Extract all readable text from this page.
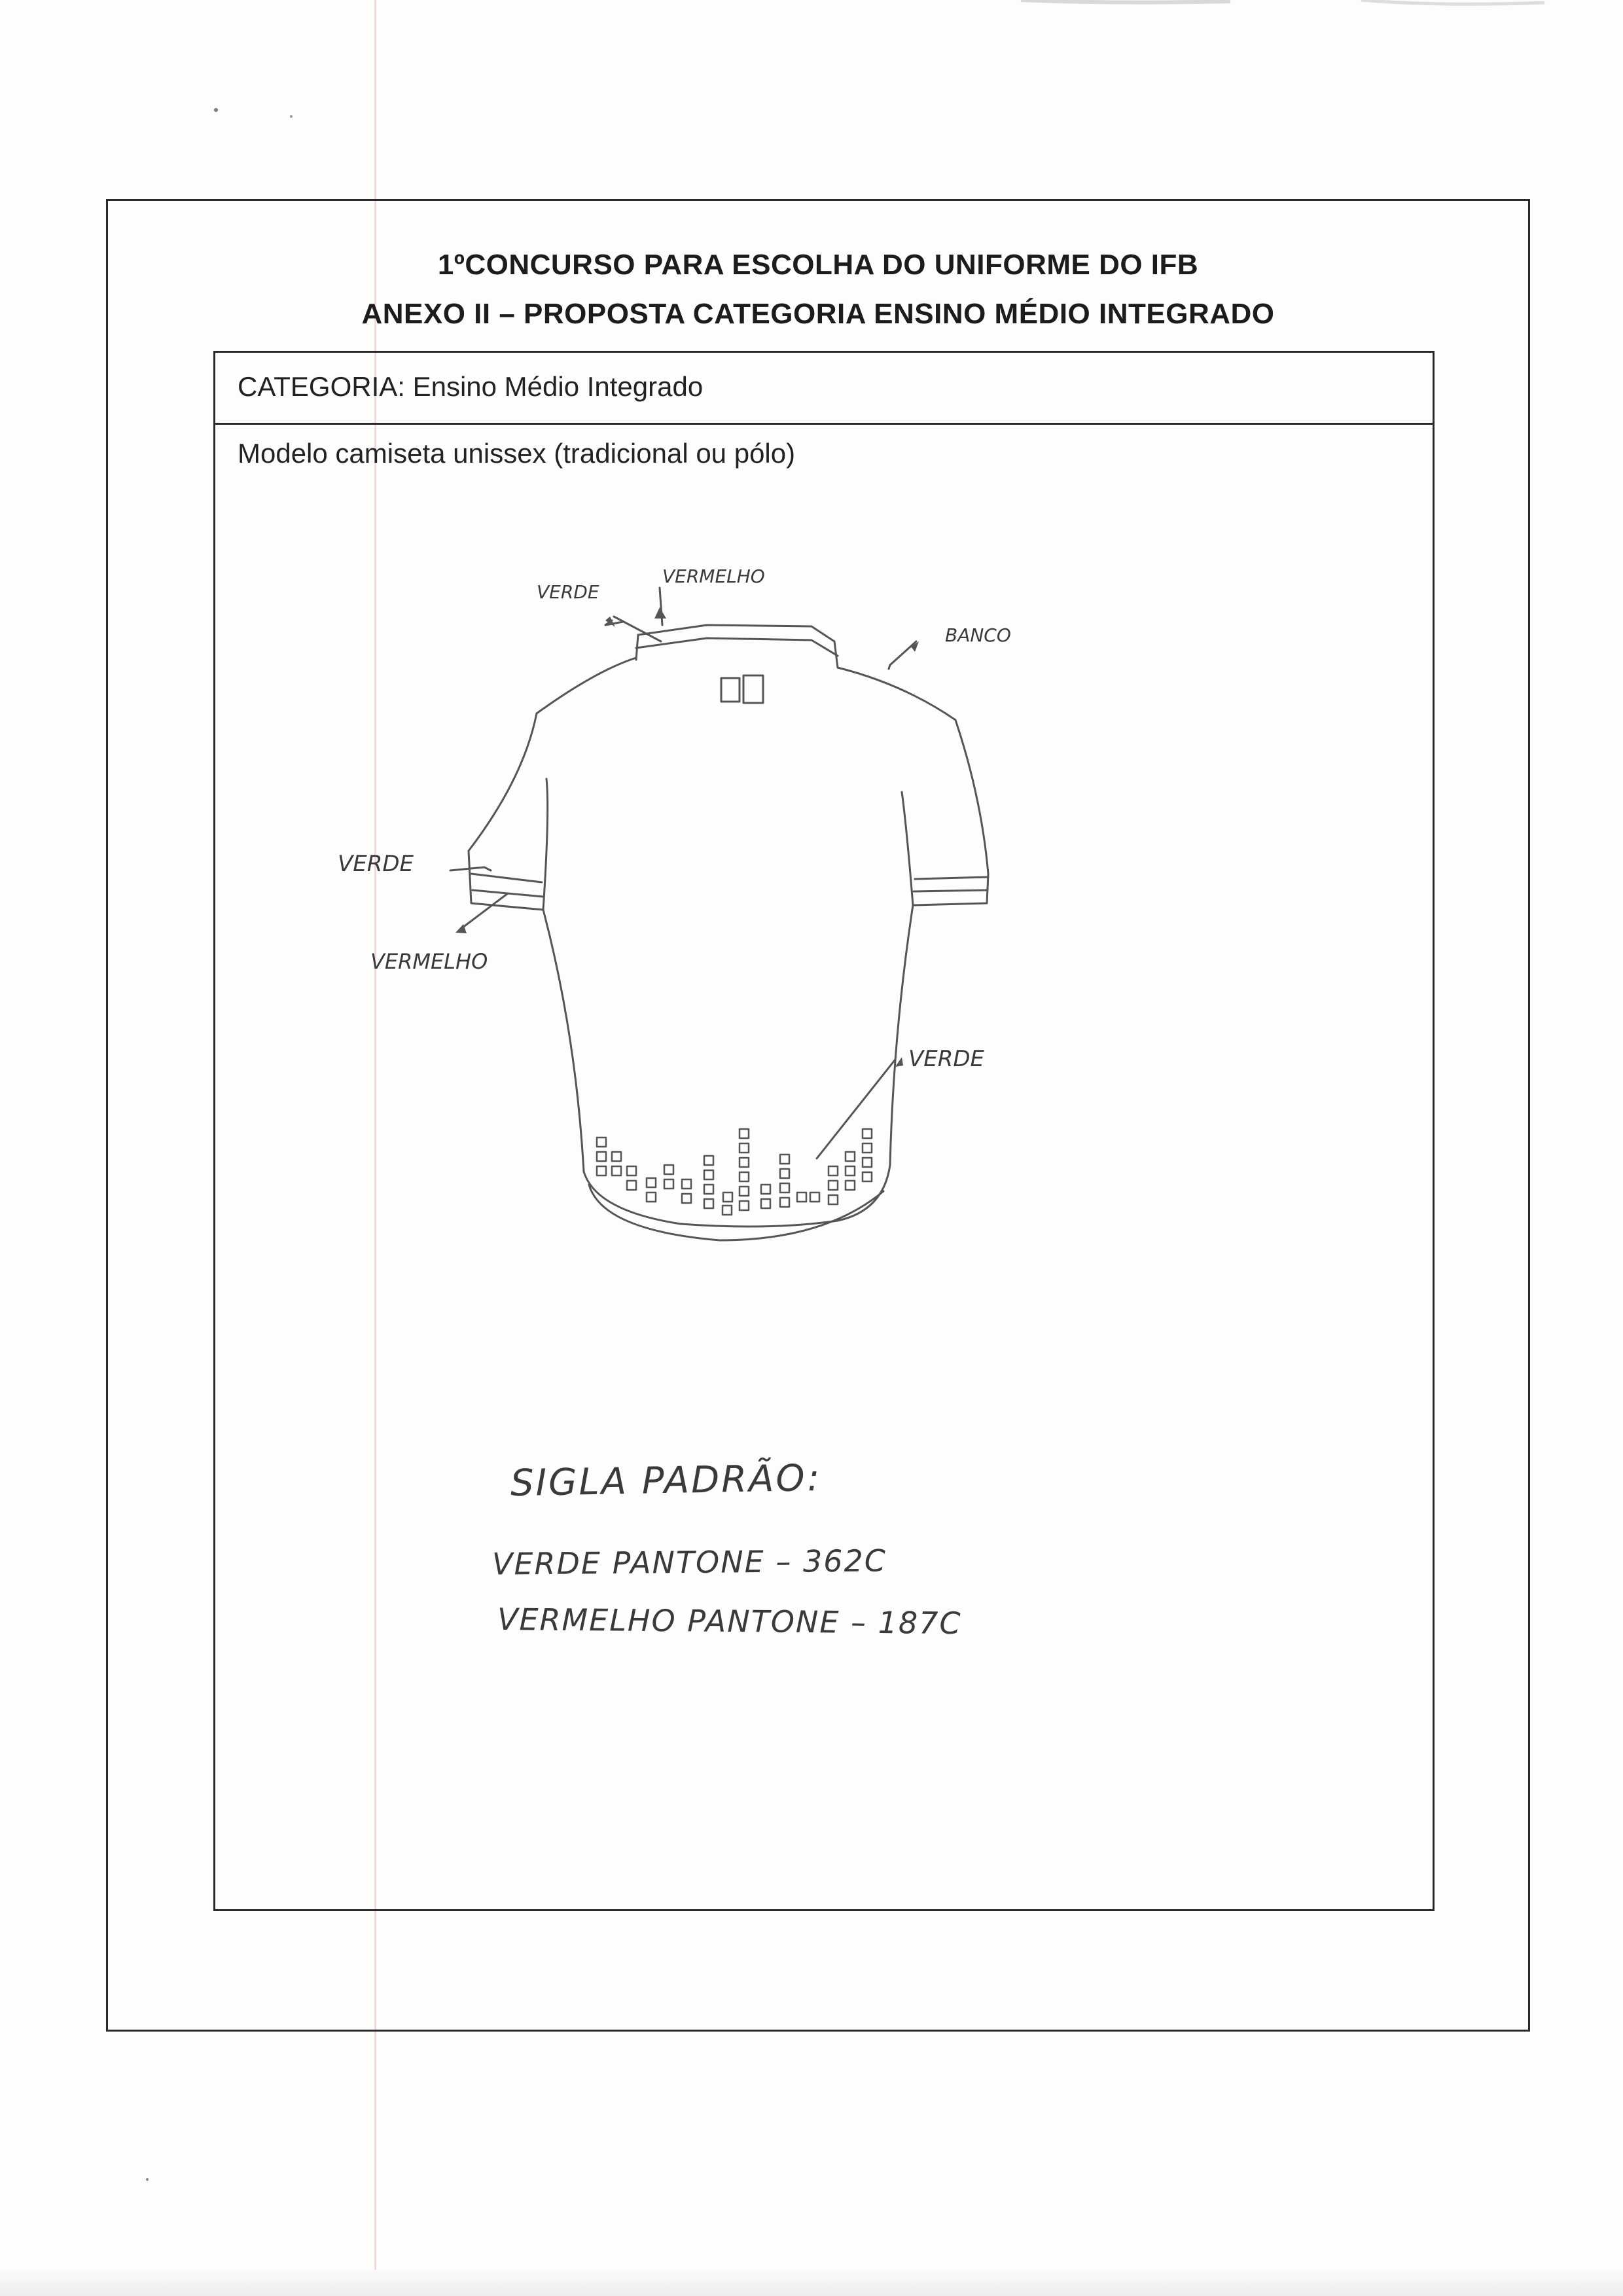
1ºCONCURSO PARA ESCOLHA DO UNIFORME DO IFB
ANEXO II – PROPOSTA CATEGORIA ENSINO MÉDIO INTEGRADO
CATEGORIA: Ensino Médio Integrado
Modelo camiseta unissex (tradicional ou pólo)
VERDE
VERMELHO
BANCO
VERDE
VERMELHO
VERDE
SIGLA PADRÃO:
VERDE PANTONE – 362C
VERMELHO PANTONE – 187C
